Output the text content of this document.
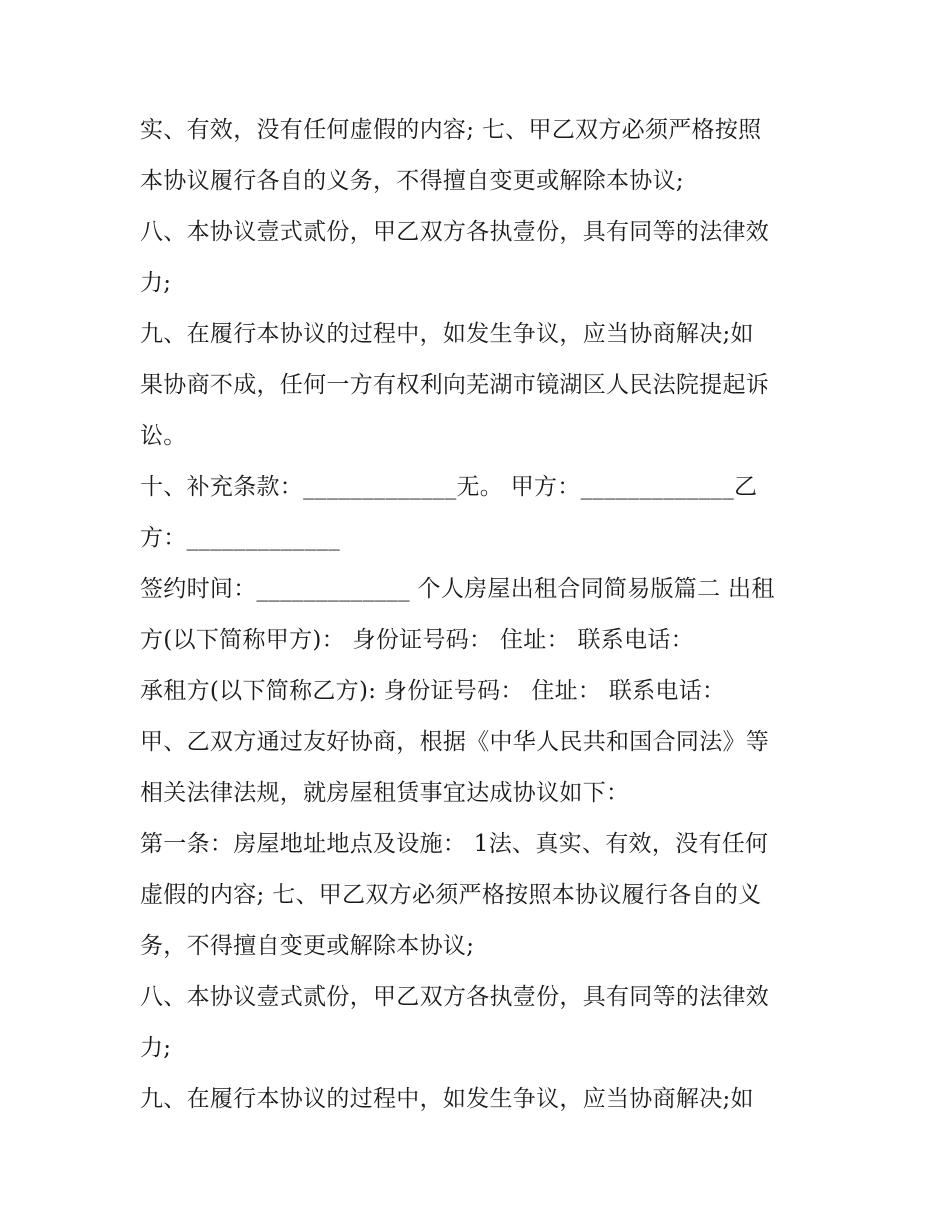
实、有效，没有任何虚假的内容; 七、甲乙双方必须严格按照
本协议履行各自的义务，不得擅自变更或解除本协议;
八、本协议壹式贰份，甲乙双方各执壹份，具有同等的法律效
力;
九、在履行本协议的过程中，如发生争议，应当协商解决;如
果协商不成，任何一方有权利向芜湖市镜湖区人民法院提起诉
讼。
十、补充条款：_____________无。 甲方：_____________乙
方：_____________
签约时间：_____________ 个人房屋出租合同简易版篇二 出租
方(以下简称甲方)： 身份证号码： 住址： 联系电话：
承租方(以下简称乙方): 身份证号码： 住址： 联系电话：
甲、乙双方通过友好协商，根据《中华人民共和国合同法》等
相关法律法规，就房屋租赁事宜达成协议如下：
第一条：房屋地址地点及设施： 1法、真实、有效，没有任何
虚假的内容; 七、甲乙双方必须严格按照本协议履行各自的义
务，不得擅自变更或解除本协议;
八、本协议壹式贰份，甲乙双方各执壹份，具有同等的法律效
力;
九、在履行本协议的过程中，如发生争议，应当协商解决;如
